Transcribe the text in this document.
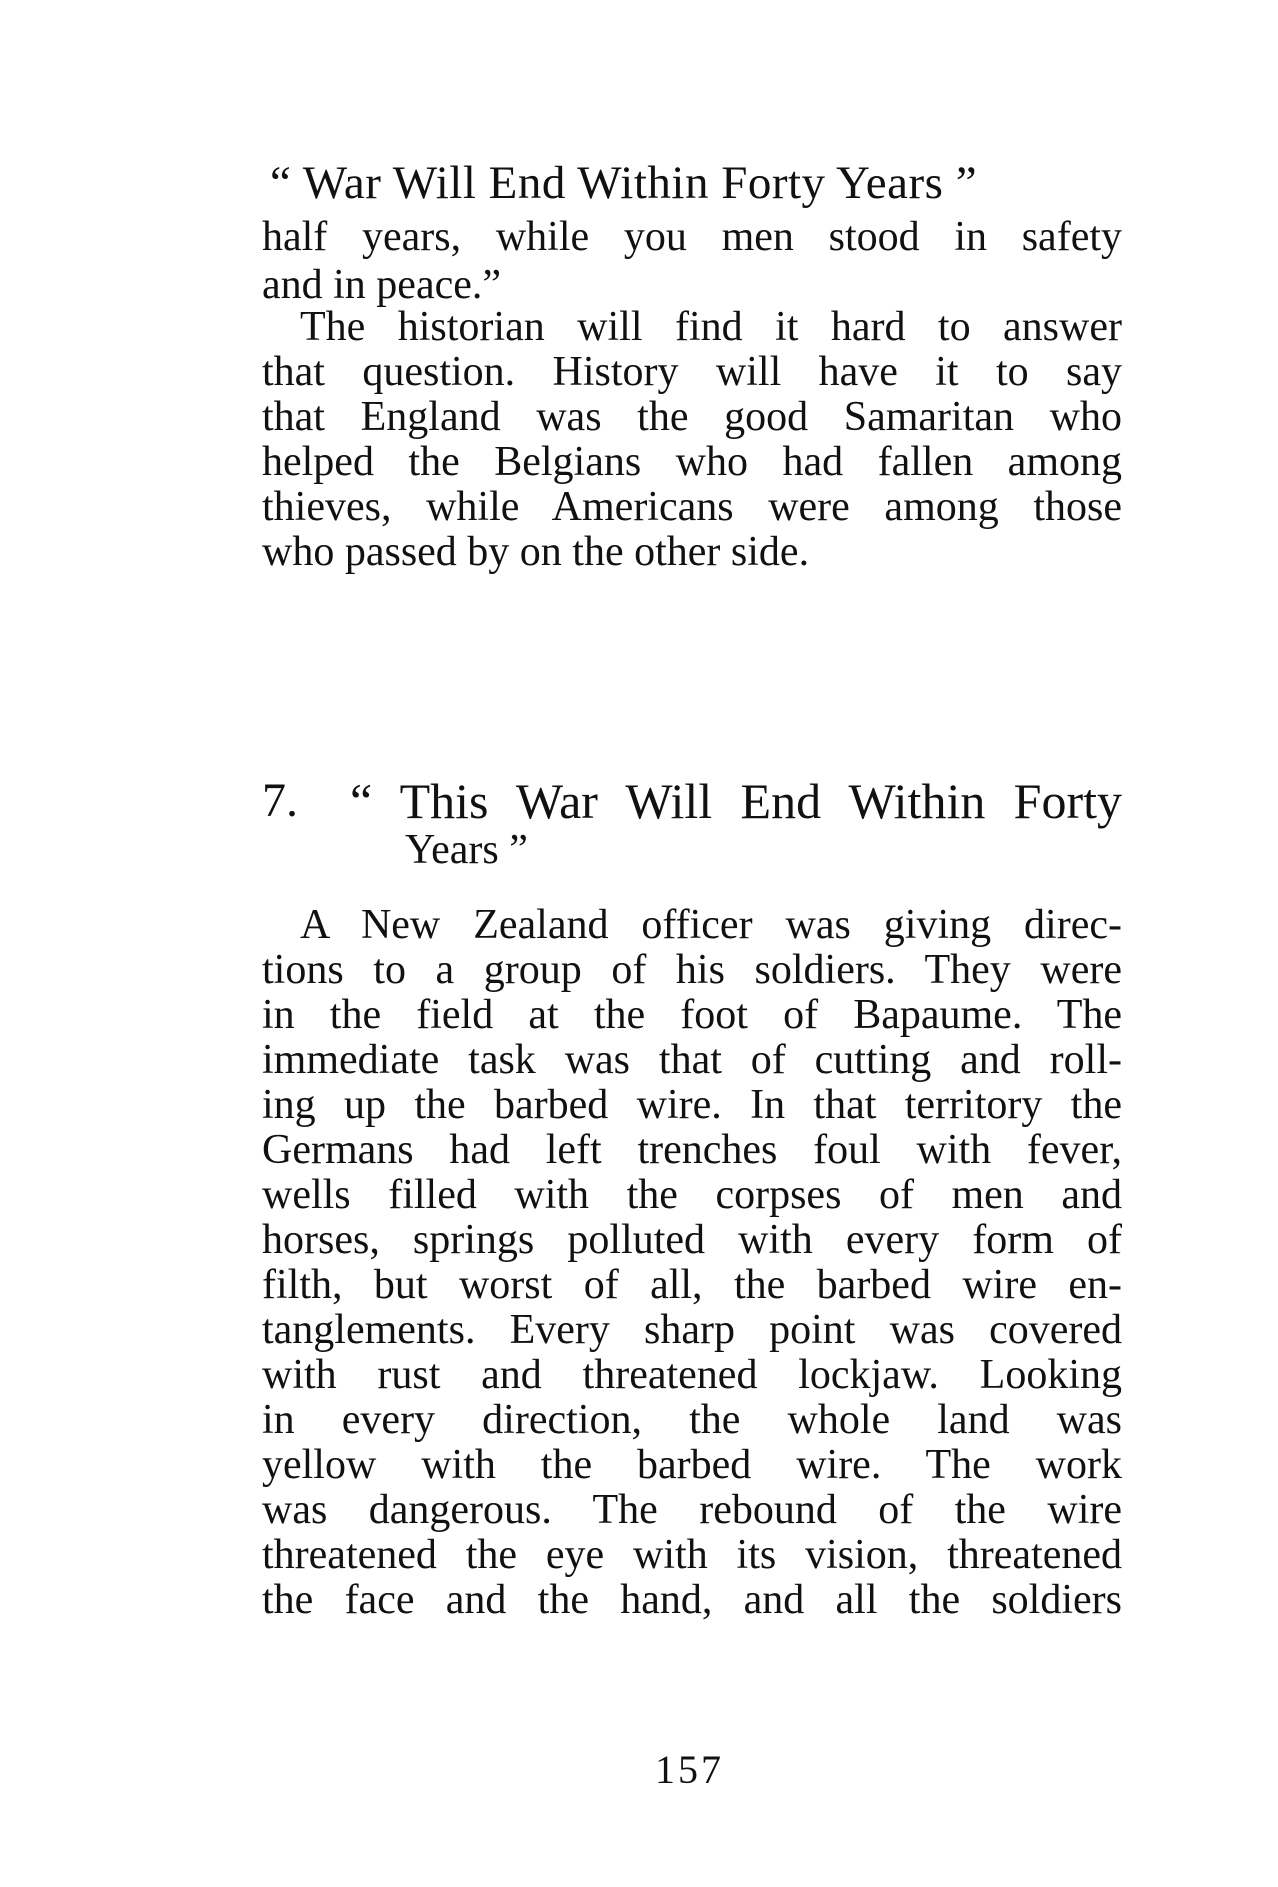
“ War Will End Within Forty Years ”
half years, while you men stood in safety
and in peace.”
The historian will find it hard to answer
that question. History will have it to say
that England was the good Samaritan who
helped the Belgians who had fallen among
thieves, while Americans were among those
who passed by on the other side.
7. “ This War Will End Within Forty
Years ”
A New Zealand officer was giving direc-
tions to a group of his soldiers. They were
in the field at the foot of Bapaume. The
immediate task was that of cutting and roll-
ing up the barbed wire. In that territory the
Germans had left trenches foul with fever,
wells filled with the corpses of men and
horses, springs polluted with every form of
filth, but worst of all, the barbed wire en-
tanglements. Every sharp point was covered
with rust and threatened lockjaw. Looking
in every direction, the whole land was
yellow with the barbed wire. The work
was dangerous. The rebound of the wire
threatened the eye with its vision, threatened
the face and the hand, and all the soldiers
157
